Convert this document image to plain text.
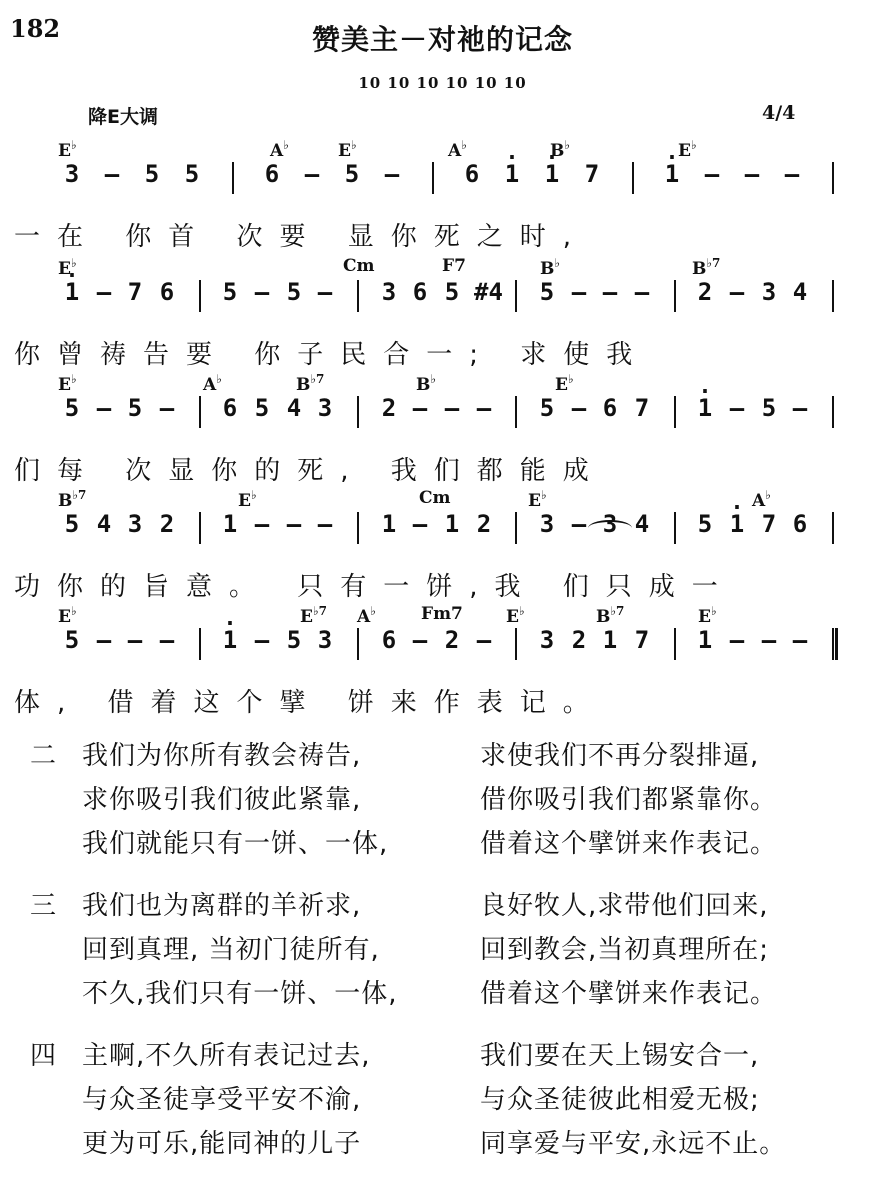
182	赞美主－对祂的记念
10 10 10 10 10 10
降E大调	4/4
E♭	A♭	E♭	A♭	B♭	E♭
3 — 5 5	6 — 5 —	6 · 1 · 1 7	· 1 — — —
一在 你首 次要 显你死之时,
E♭	Cm	F7	B♭	$B^{♭7}$
· 1 — 7 6 5 — 5 — 3 6 5 #4 5 — — — 2 — 3 4
你曾祷告要 你子民合一; 求使我
E♭	A♭	$B^{♭7}$	B♭	E♭
5 — 5 — 6 5 4 3 2 — — — 5 — 6 7 · 1 — 5 —
们每 次显你的死, 我们都能成
$B^{♭7}$	E♭	Cm	E♭	A♭
5 4 3 2 1 — — — 1 — 1 2 3 — 3 4 5 · 1 7 6
功你的旨意。 只有一饼,我 们只成一
E♭	$E^{♭7}$ A♭	Fm7	E♭	$B^{♭7}$	E♭
5 — — — · 1 — 5 3 6 — 2 — 3 2 1 7 1 — — —
体, 借着这个擘 饼来作表记。
二 我们为你所有教会祷告,
求你吸引我们彼此紧靠,
我们就能只有一饼、一体,
求使我们不再分裂排逼,
借你吸引我们都紧靠你。
借着这个擘饼来作表记。
三 我们也为离群的羊祈求,
回到真理, 当初门徒所有,
不久,我们只有一饼、一体,
良好牧人,求带他们回来,
回到教会,当初真理所在;
借着这个擘饼来作表记。
四 主啊,不久所有表记过去,
与众圣徒享受平安不渝,
更为可乐,能同神的儿子
我们要在天上锡安合一,
与众圣徒彼此相爱无极;
同享爱与平安,永远不止。
